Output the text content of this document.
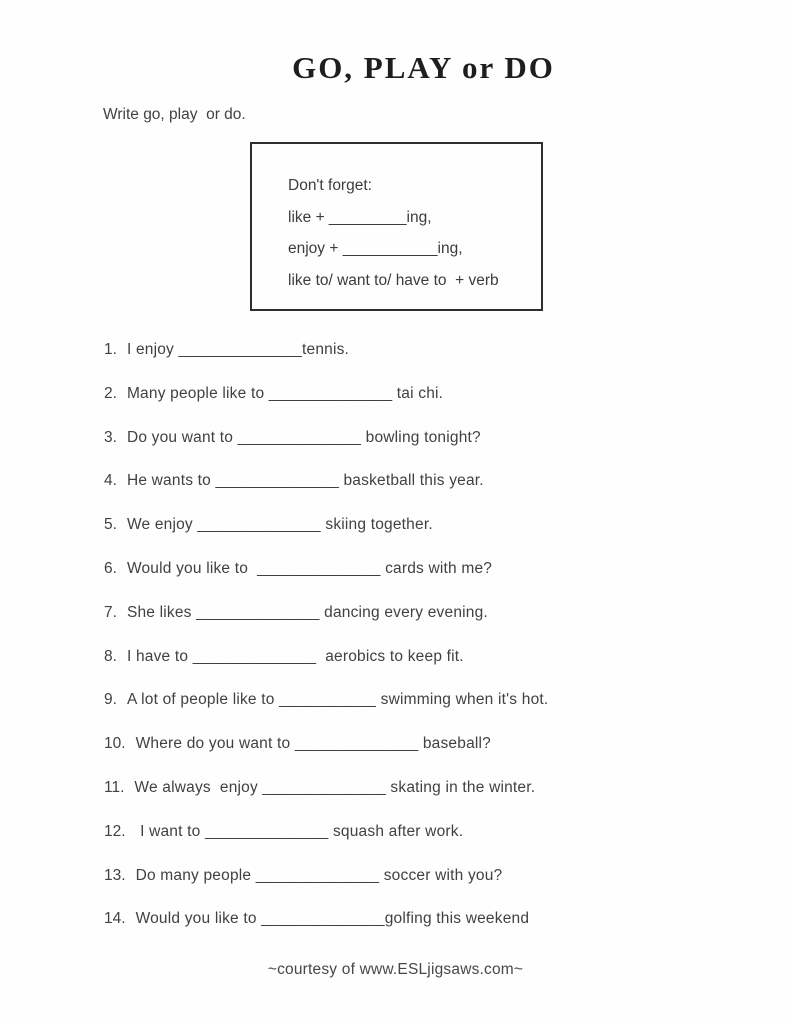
GO, PLAY or DO
Write go, play  or do.
Don't forget:
like + _________ing,
enjoy + ___________ing,
like to/ want to/ have to  + verb
1. I enjoy ______________tennis.
2. Many people like to ______________ tai chi.
3. Do you want to ______________ bowling tonight?
4. He wants to ______________ basketball this year.
5. We enjoy ______________ skiing together.
6. Would you like to  ______________ cards with me?
7. She likes ______________ dancing every evening.
8. I have to ______________  aerobics to keep fit.
9. A lot of people like to ___________ swimming when it's hot.
10. Where do you want to ______________ baseball?
11. We always  enjoy ______________ skating in the winter.
12. I want to ______________ squash after work.
13. Do many people ______________ soccer with you?
14. Would you like to ______________golfing this weekend
~courtesy of www.ESLjigsaws.com~
